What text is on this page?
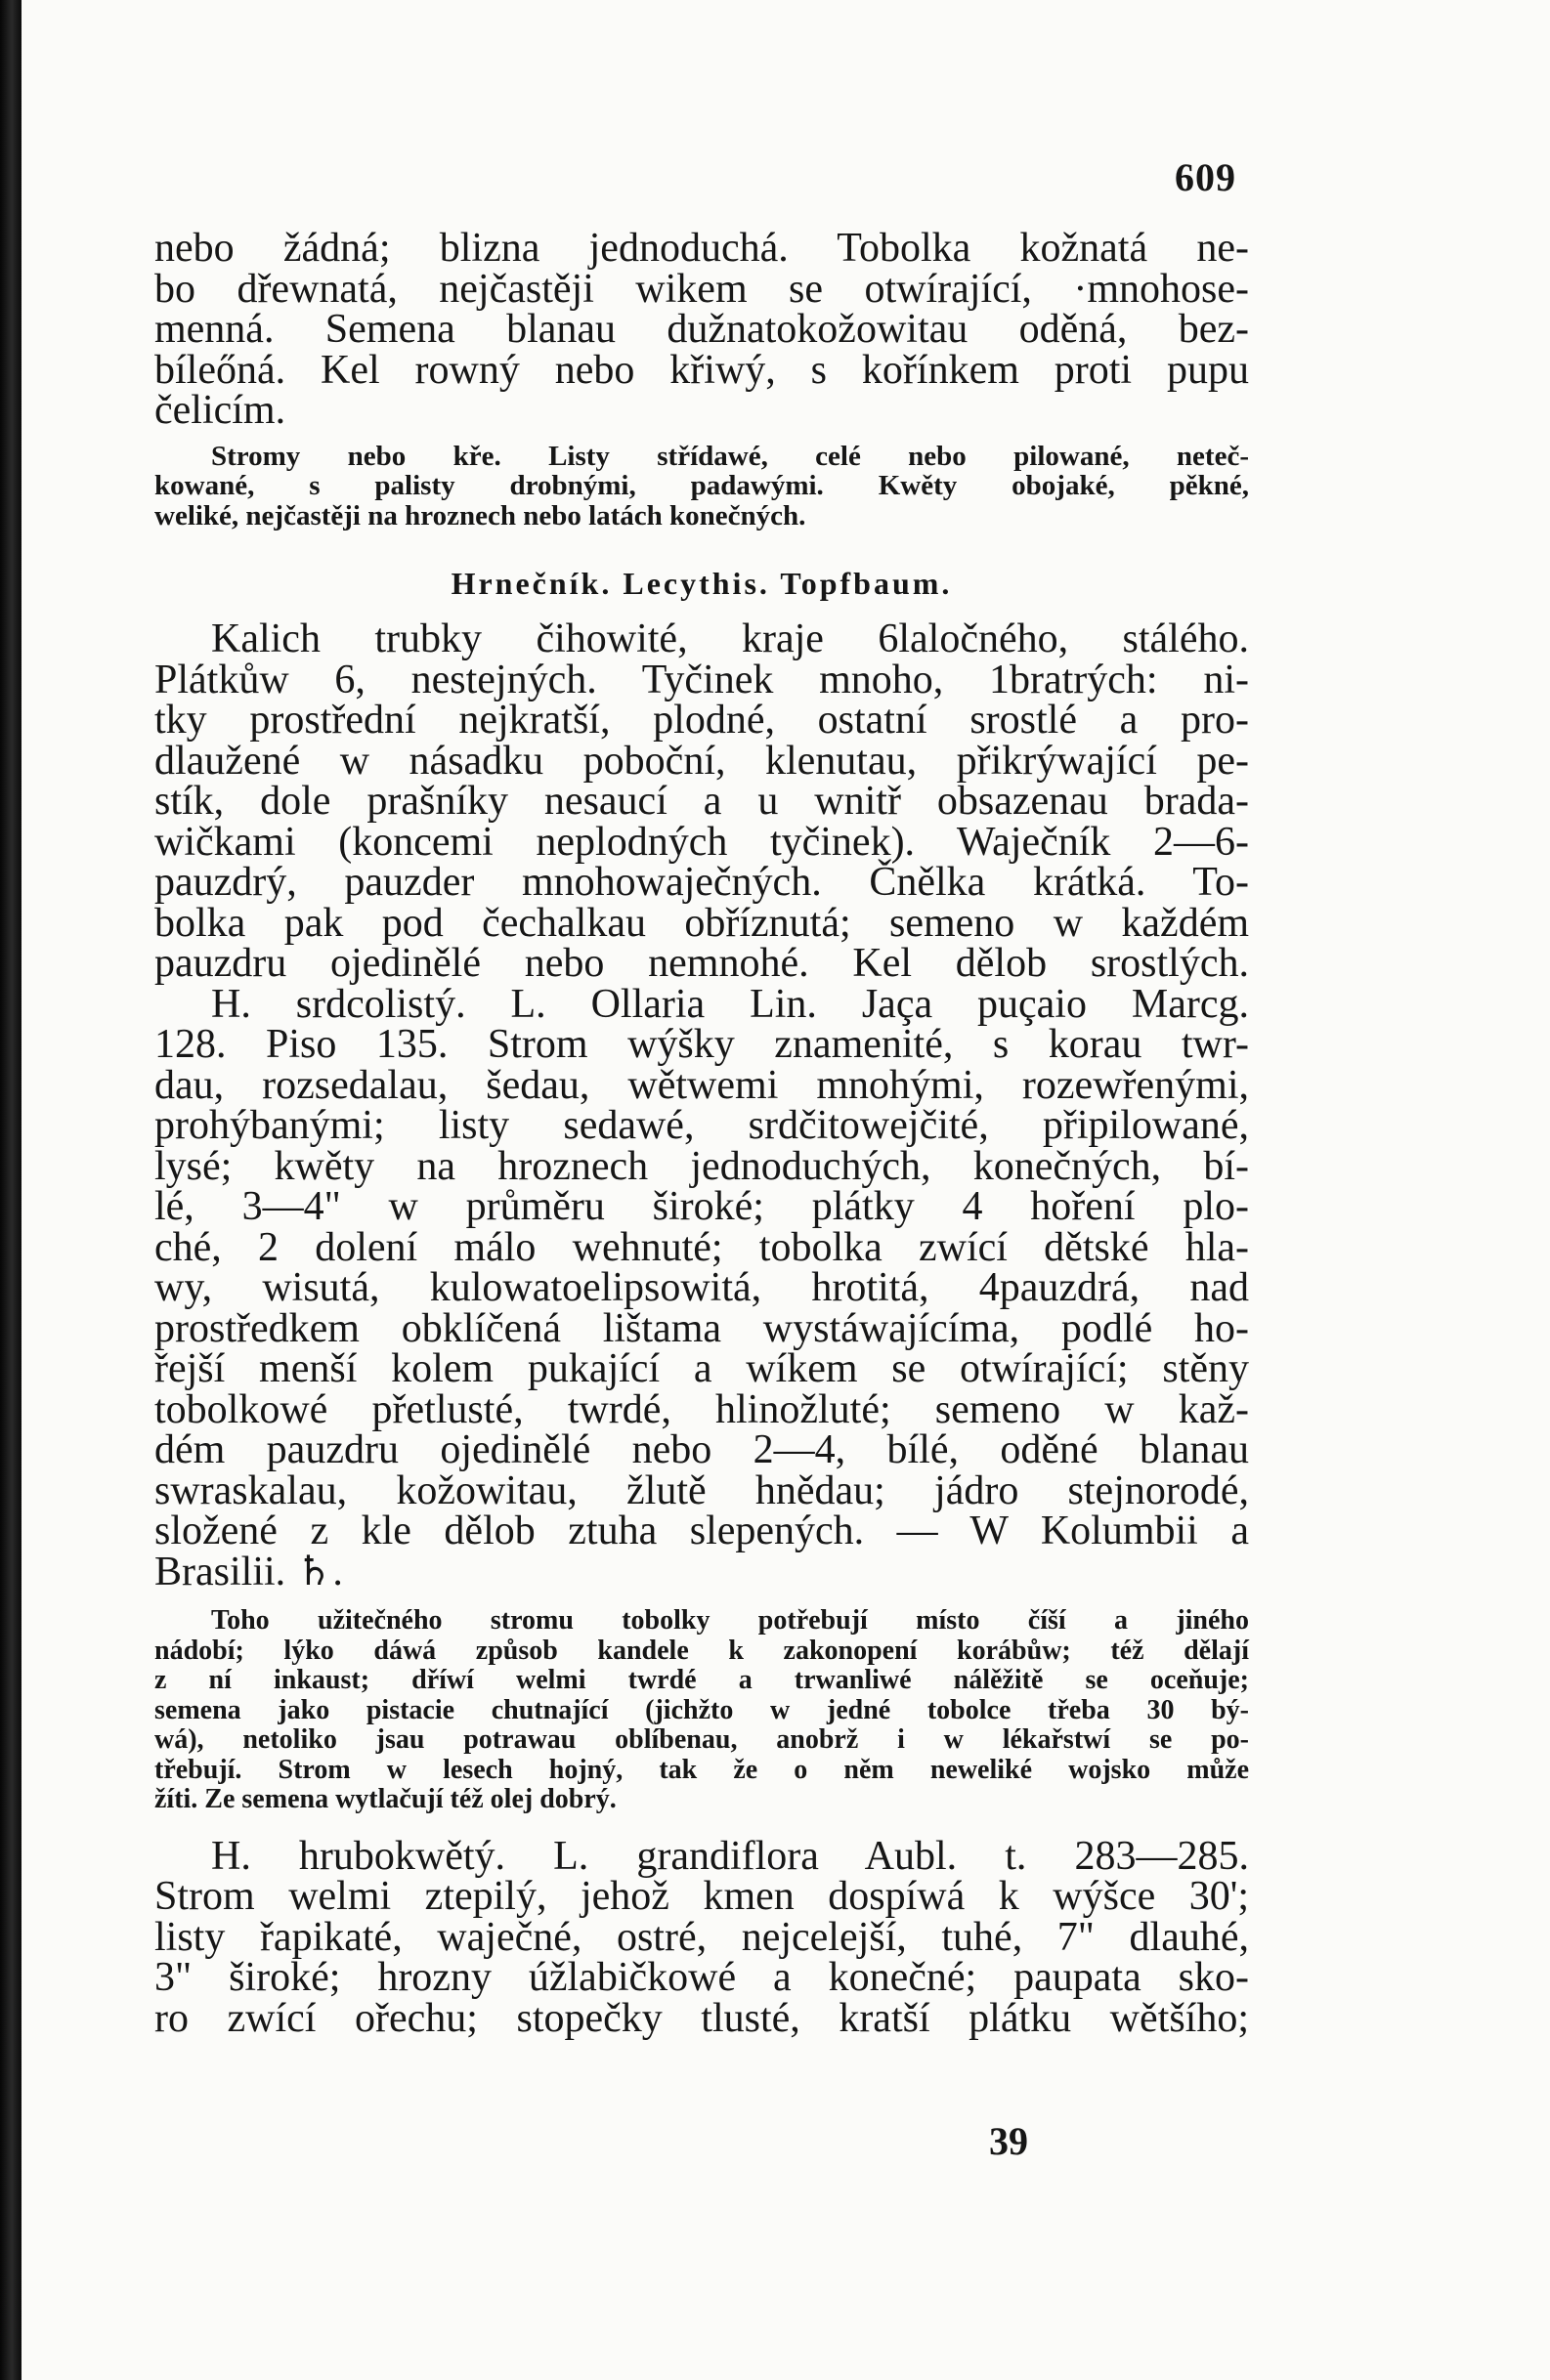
609
nebo žádná; blizna jednoduchá. Tobolka kožnatá ne-
bo dřewnatá, nejčastěji wikem se otwírající, ·mnohose-
menná. Semena blanau dužnatokožowitau oděná, bez-
bíleőná. Kel rowný nebo křiwý, s kořínkem proti pupu
čelicím.
Stromy nebo kře. Listy střídawé, celé nebo pilowané, neteč-
kowané, s palisty drobnými, padawými. Kwěty obojaké, pěkné,
weliké, nejčastěji na hroznech nebo latách konečných.
Hrnečník. Lecythis. Topfbaum.
Kalich trubky čihowité, kraje 6laločného, stálého.
Plátkůw 6, nestejných. Tyčinek mnoho, 1bratrých: ni-
tky prostřední nejkratší, plodné, ostatní srostlé a pro-
dlaužené w násadku poboční, klenutau, přikrýwající pe-
stík, dole prašníky nesaucí a u wnitř obsazenau brada-
wičkami (koncemi neplodných tyčinek). Waječník 2—6-
pauzdrý, pauzder mnohowaječných. Čnělka krátká. To-
bolka pak pod čechalkau obříznutá; semeno w každém
pauzdru ojedinělé nebo nemnohé. Kel dělob srostlých.
H. srdcolistý. L. Ollaria Lin. Jaça puçaio Marcg.
128. Piso 135. Strom wýšky znamenité, s korau twr-
dau, rozsedalau, šedau, wětwemi mnohými, rozewřenými,
prohýbanými; listy sedawé, srdčitowejčité, připilowané,
lysé; kwěty na hroznech jednoduchých, konečných, bí-
lé, 3—4" w průměru široké; plátky 4 hoření plo-
ché, 2 dolení málo wehnuté; tobolka zwící dětské hla-
wy, wisutá, kulowatoelipsowitá, hrotitá, 4pauzdrá, nad
prostředkem obklíčená lištama wystáwajícíma, podlé ho-
řejší menší kolem pukající a wíkem se otwírající; stěny
tobolkowé přetlusté, twrdé, hlinožluté; semeno w kaž-
dém pauzdru ojedinělé nebo 2—4, bílé, oděné blanau
swraskalau, kožowitau, žlutě hnědau; jádro stejnorodé,
složené z kle dělob ztuha slepených. — W Kolumbii a
Brasilii. ♄.
Toho užitečného stromu tobolky potřebují místo číší a jiného
nádobí; lýko dáwá způsob kandele k zakonopení korábůw; též dělají
z ní inkaust; dříwí welmi twrdé a trwanliwé nálěžitě se oceňuje;
semena jako pistacie chutnající (jichžto w jedné tobolce třeba 30 bý-
wá), netoliko jsau potrawau oblíbenau, anobrž i w lékařstwí se po-
třebují. Strom w lesech hojný, tak že o něm neweliké wojsko může
žíti. Ze semena wytlačují též olej dobrý.
H. hrubokwětý. L. grandiflora Aubl. t. 283—285.
Strom welmi ztepilý, jehož kmen dospíwá k wýšce 30';
listy řapikaté, waječné, ostré, nejcelejší, tuhé, 7" dlauhé,
3" široké; hrozny úžlabičkowé a konečné; paupata sko-
ro zwící ořechu; stopečky tlusté, kratší plátku wětšího;
39
